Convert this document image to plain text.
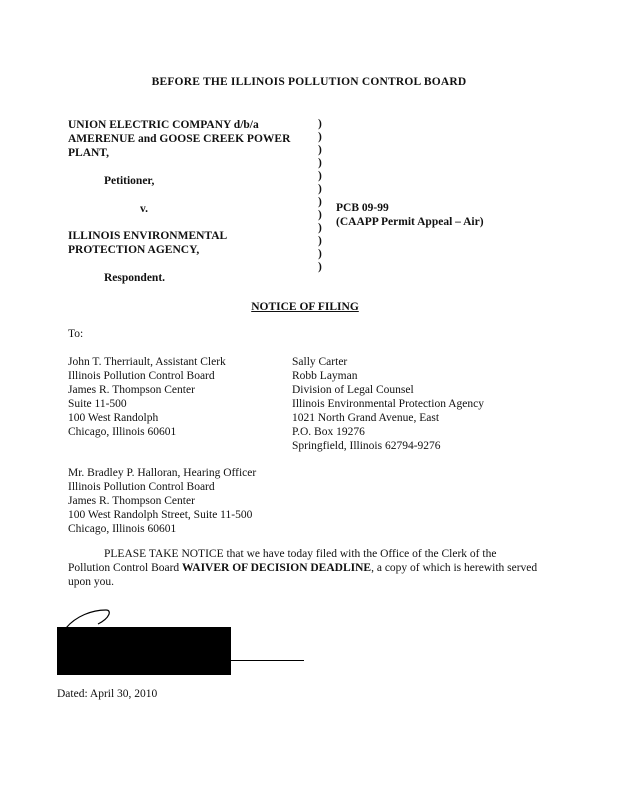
BEFORE THE ILLINOIS POLLUTION CONTROL BOARD
UNION ELECTRIC COMPANY d/b/a
AMERENUE and GOOSE CREEK POWER
PLANT,
Petitioner,
v.
ILLINOIS ENVIRONMENTAL
PROTECTION AGENCY,
Respondent.
)
)
)
)
)
)
)
)
)
)
)
)
PCB 09-99
(CAAPP Permit Appeal – Air)
NOTICE OF FILING
To:
John T. Therriault, Assistant Clerk
Illinois Pollution Control Board
James R. Thompson Center
Suite 11-500
100 West Randolph
Chicago, Illinois 60601
Sally Carter
Robb Layman
Division of Legal Counsel
Illinois Environmental Protection Agency
1021 North Grand Avenue, East
P.O. Box 19276
Springfield, Illinois 62794-9276
Mr. Bradley P. Halloran, Hearing Officer
Illinois Pollution Control Board
James R. Thompson Center
100 West Randolph Street, Suite 11-500
Chicago, Illinois 60601
PLEASE TAKE NOTICE that we have today filed with the Office of the Clerk of the Pollution Control Board WAIVER OF DECISION DEADLINE, a copy of which is herewith served upon you.
Dated: April 30, 2010
